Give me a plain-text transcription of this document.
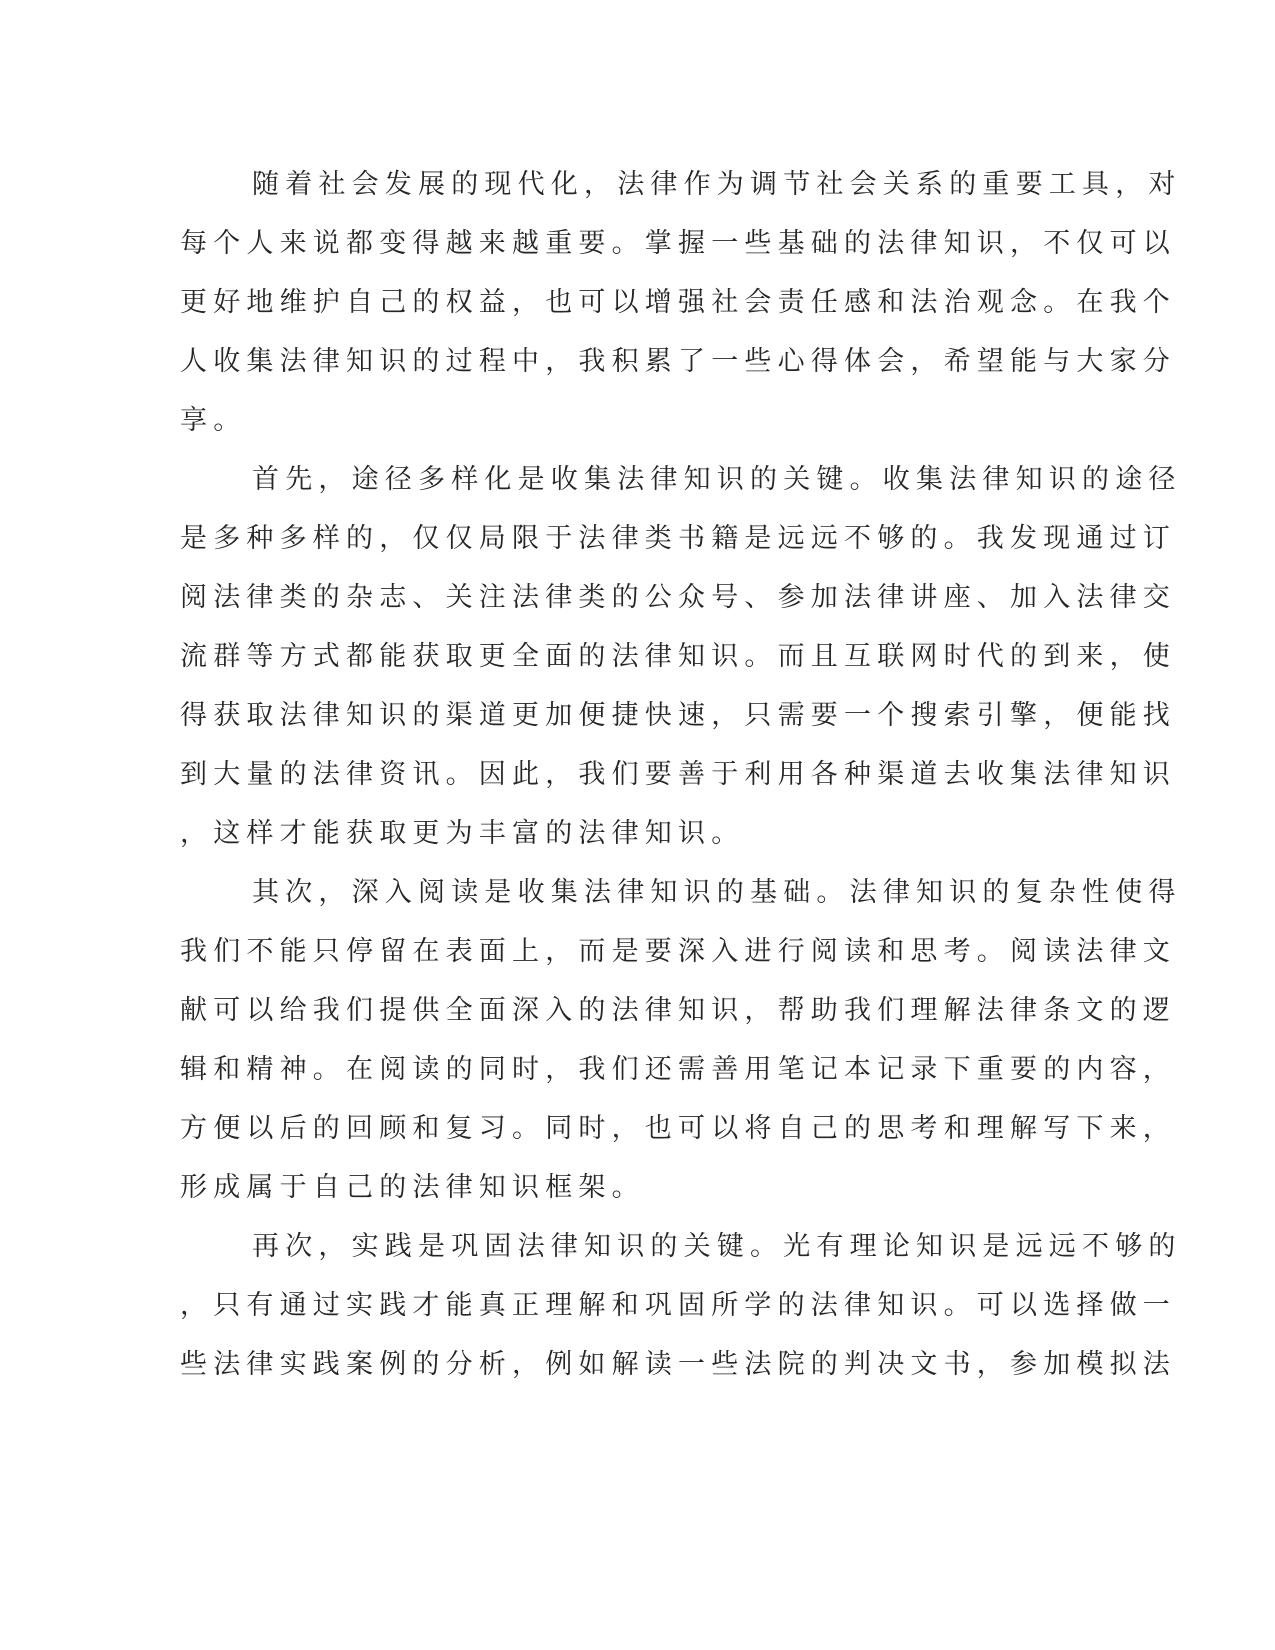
随着社会发展的现代化，法律作为调节社会关系的重要工具，对
每个人来说都变得越来越重要。掌握一些基础的法律知识，不仅可以
更好地维护自己的权益，也可以增强社会责任感和法治观念。在我个
人收集法律知识的过程中，我积累了一些心得体会，希望能与大家分
享。
首先，途径多样化是收集法律知识的关键。收集法律知识的途径
是多种多样的，仅仅局限于法律类书籍是远远不够的。我发现通过订
阅法律类的杂志、关注法律类的公众号、参加法律讲座、加入法律交
流群等方式都能获取更全面的法律知识。而且互联网时代的到来，使
得获取法律知识的渠道更加便捷快速，只需要一个搜索引擎，便能找
到大量的法律资讯。因此，我们要善于利用各种渠道去收集法律知识
，这样才能获取更为丰富的法律知识。
其次，深入阅读是收集法律知识的基础。法律知识的复杂性使得
我们不能只停留在表面上，而是要深入进行阅读和思考。阅读法律文
献可以给我们提供全面深入的法律知识，帮助我们理解法律条文的逻
辑和精神。在阅读的同时，我们还需善用笔记本记录下重要的内容，
方便以后的回顾和复习。同时，也可以将自己的思考和理解写下来，
形成属于自己的法律知识框架。
再次，实践是巩固法律知识的关键。光有理论知识是远远不够的
，只有通过实践才能真正理解和巩固所学的法律知识。可以选择做一
些法律实践案例的分析，例如解读一些法院的判决文书，参加模拟法
